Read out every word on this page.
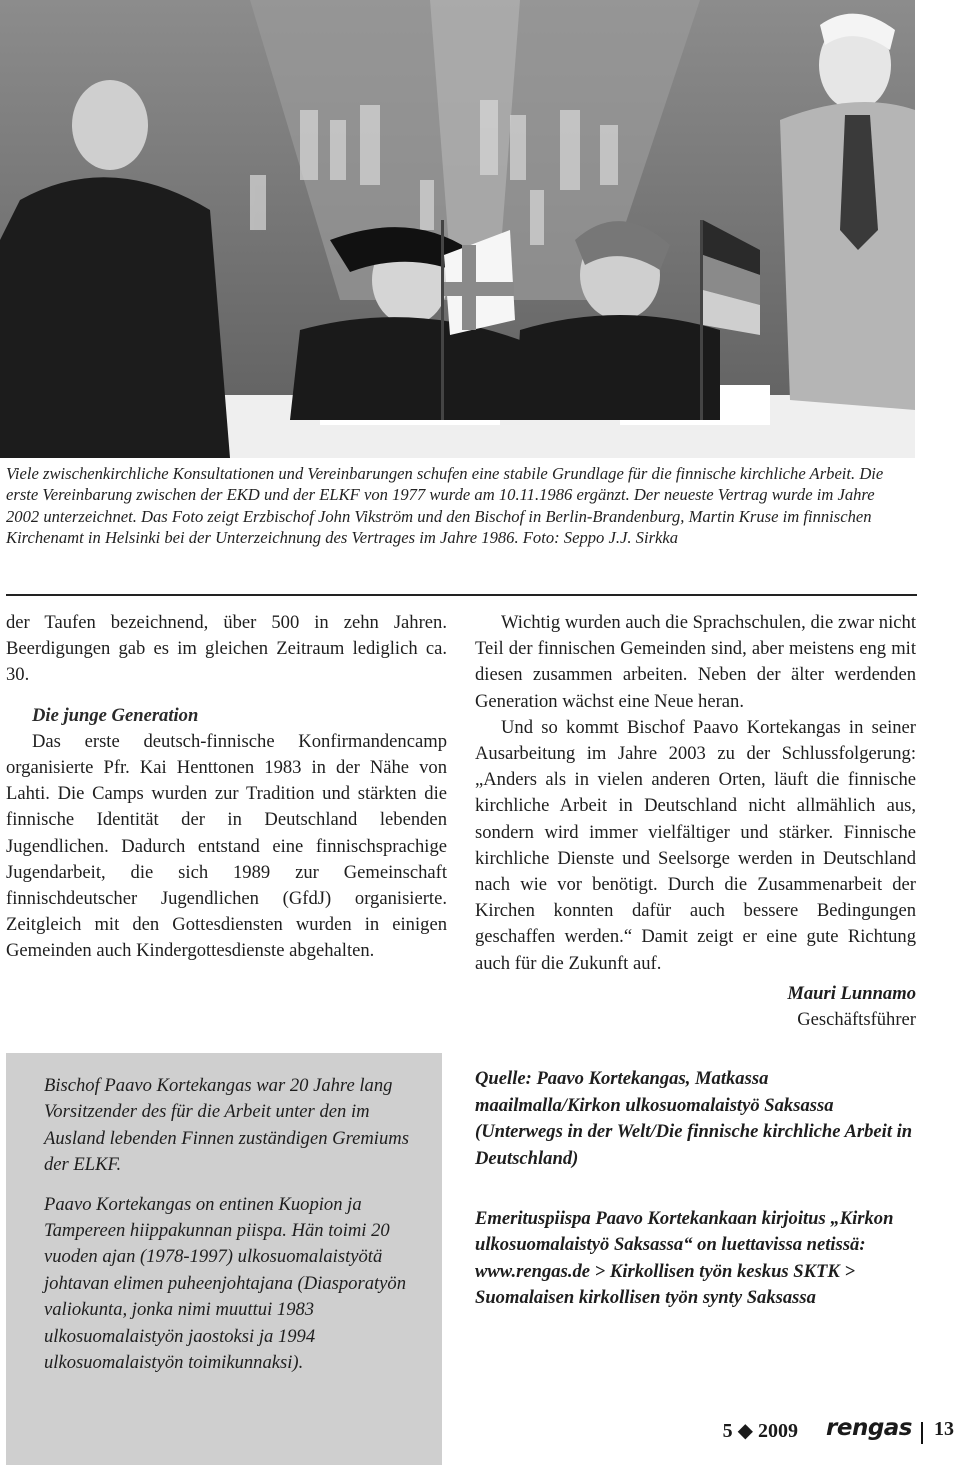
Viele zwischenkirchliche Konsultationen und Vereinbarungen schufen eine stabile Grundlage für die finnische kirchliche Arbeit. Die erste Vereinbarung zwischen der EKD und der ELKF von 1977 wurde am 10.11.1986 ergänzt. Der neueste Vertrag wurde im Jahre 2002 unterzeichnet. Das Foto zeigt Erzbischof John Vikström und den Bischof in Berlin-Brandenburg, Martin Kruse im finnischen Kirchenamt in Helsinki bei der Unterzeichnung des Vertrages im Jahre 1986. Foto: Seppo J.J. Sirkka

der Taufen bezeichnend, über 500 in zehn Jahren. Beerdigungen gab es im gleichen Zeitraum lediglich ca. 30.

Die junge Generation

Das erste deutsch-finnische Konfirmandencamp organisierte Pfr. Kai Henttonen 1983 in der Nähe von Lahti. Die Camps wurden zur Tradition und stärkten die finnische Identität der in Deutschland lebenden Jugendlichen. Dadurch entstand eine finnischsprachige Jugendarbeit, die sich 1989 zur Gemeinschaft finnischdeutscher Jugendlichen (GfdJ) organisierte. Zeitgleich mit den Gottesdiensten wurden in einigen Gemeinden auch Kindergottesdienste abgehalten.

Bischof Paavo Kortekangas war 20 Jahre lang Vorsitzender des für die Arbeit unter den im Ausland lebenden Finnen zuständigen Gremiums der ELKF.

Paavo Kortekangas on entinen Kuopion ja Tampereen hiippakunnan piispa. Hän toimi 20 vuoden ajan (1978-1997) ulkosuomalaistyötä johtavan elimen puheenjohtajana (Diasporatyön valiokunta, jonka nimi muuttui 1983 ulkosuomalaistyön jaostoksi ja 1994 ulkosuomalaistyön toimikunnaksi).

Wichtig wurden auch die Sprachschulen, die zwar nicht Teil der finnischen Gemeinden sind, aber meistens eng mit diesen zusammen arbeiten. Neben der älter werdenden Generation wächst eine Neue heran.

Und so kommt Bischof Paavo Kortekangas in seiner Ausarbeitung im Jahre 2003 zu der Schlussfolgerung: „Anders als in vielen anderen Orten, läuft die finnische kirchliche Arbeit in Deutschland nicht allmählich aus, sondern wird immer vielfältiger und stärker. Finnische kirchliche Dienste und Seelsorge werden in Deutschland nach wie vor benötigt. Durch die Zusammenarbeit der Kirchen konnten dafür auch bessere Bedingungen geschaffen werden.“ Damit zeigt er eine gute Richtung auch für die Zukunft auf.

Mauri Lunnamo
Geschäftsführer

Quelle: Paavo Kortekangas, Matkassa maailmalla/Kirkon ulkosuomalaistyö Saksassa (Unterwegs in der Welt/Die finnische kirchliche Arbeit in Deutschland)

Emerituspiispa Paavo Kortekankaan kirjoitus „Kirkon ulkosuomalaistyö Saksassa“ on luettavissa netissä: www.rengas.de > Kirkollisen työn keskus SKTK > Suomalaisen kirkollisen työn synty Saksassa

5 ◆ 2009 rengas 13
